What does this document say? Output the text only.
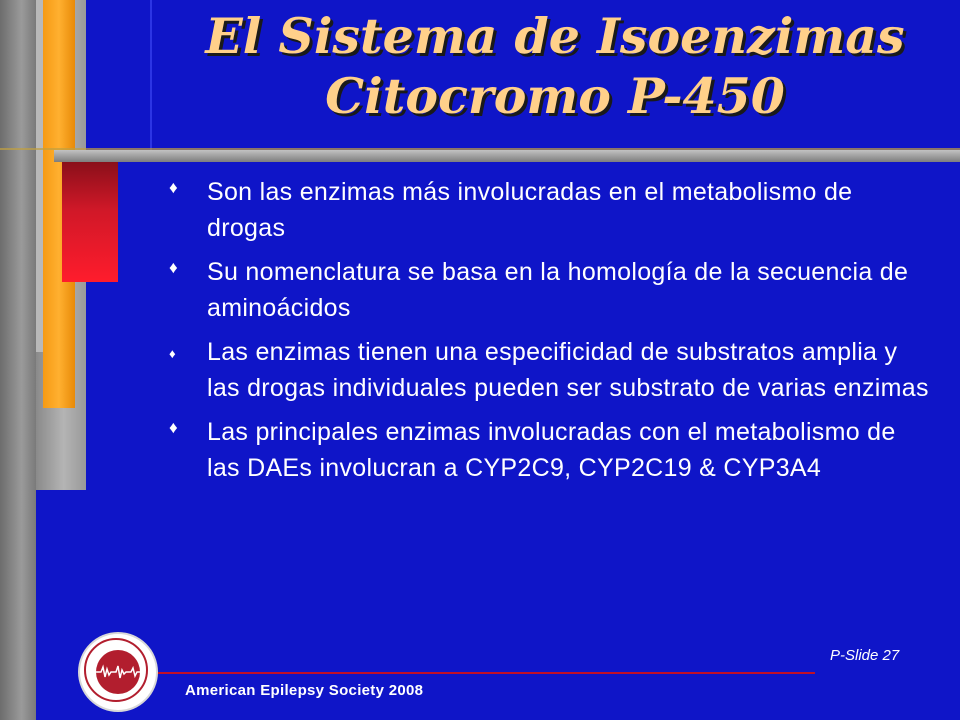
El Sistema de Isoenzimas
Citocromo P-450
♦	Son las enzimas más involucradas en el metabolismo de drogas
♦	Su nomenclatura se basa en la homología de la secuencia de aminoácidos
♦	Las enzimas tienen una especificidad de substratos amplia y las drogas individuales pueden ser substrato de varias enzimas
♦	Las principales enzimas involucradas con el metabolismo de las DAEs involucran a CYP2C9, CYP2C19 & CYP3A4
P-Slide 27
American Epilepsy Society 2008
